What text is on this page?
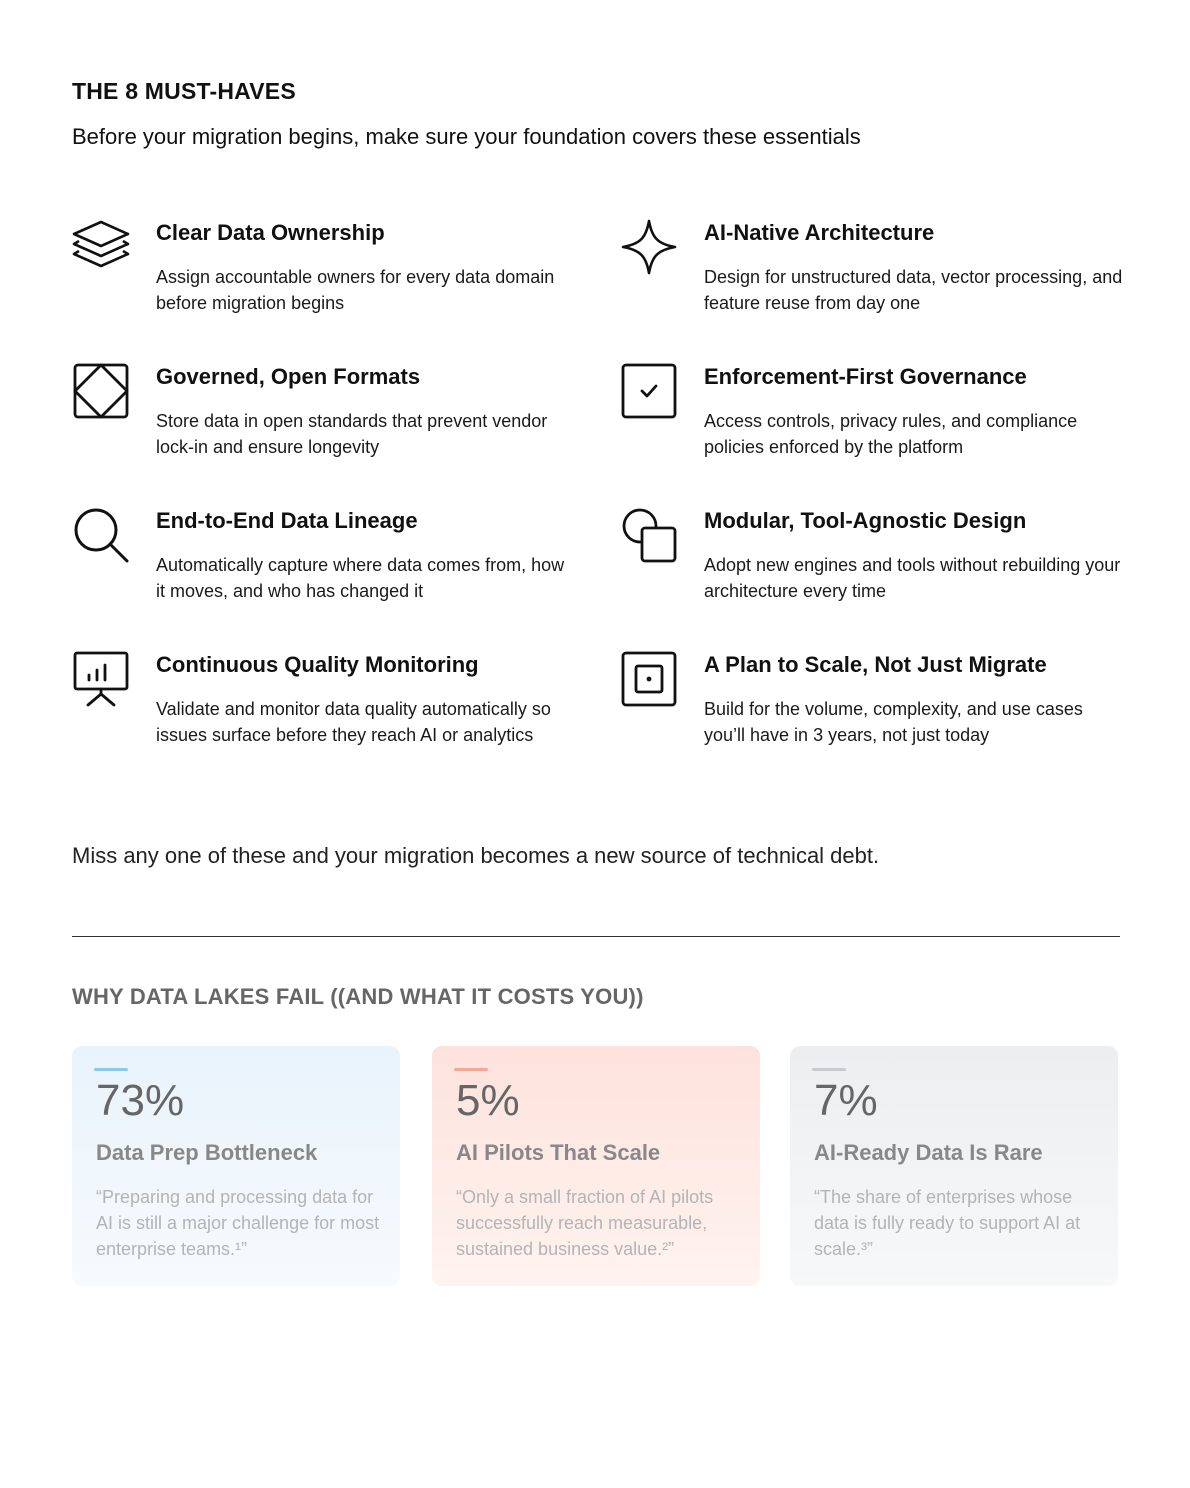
THE 8 MUST-HAVES

Before your migration begins, make sure your foundation covers these essentials

Clear Data Ownership

Assign accountable owners for every data domain before migration begins

AI-Native Architecture

Design for unstructured data, vector processing, and feature reuse from day one

Governed, Open Formats

Store data in open standards that prevent vendor lock-in and ensure longevity

Enforcement-First Governance

Access controls, privacy rules, and compliance policies enforced by the platform

End-to-End Data Lineage

Automatically capture where data comes from, how it moves, and who has changed it

Modular, Tool-Agnostic Design

Adopt new engines and tools without rebuilding your architecture every time

Continuous Quality Monitoring

Validate and monitor data quality automatically so issues surface before they reach AI or analytics

A Plan to Scale, Not Just Migrate

Build for the volume, complexity, and use cases you’ll have in 3 years, not just today

Miss any one of these and your migration becomes a new source of technical debt.

WHY DATA LAKES FAIL ((AND WHAT IT COSTS YOU))

73%

Data Prep Bottleneck

“Preparing and processing data for AI is still a major challenge for most enterprise teams.¹”

5%

AI Pilots That Scale

“Only a small fraction of AI pilots successfully reach measurable, sustained business value.²”

7%

AI-Ready Data Is Rare

“The share of enterprises whose data is fully ready to support AI at scale.³”
